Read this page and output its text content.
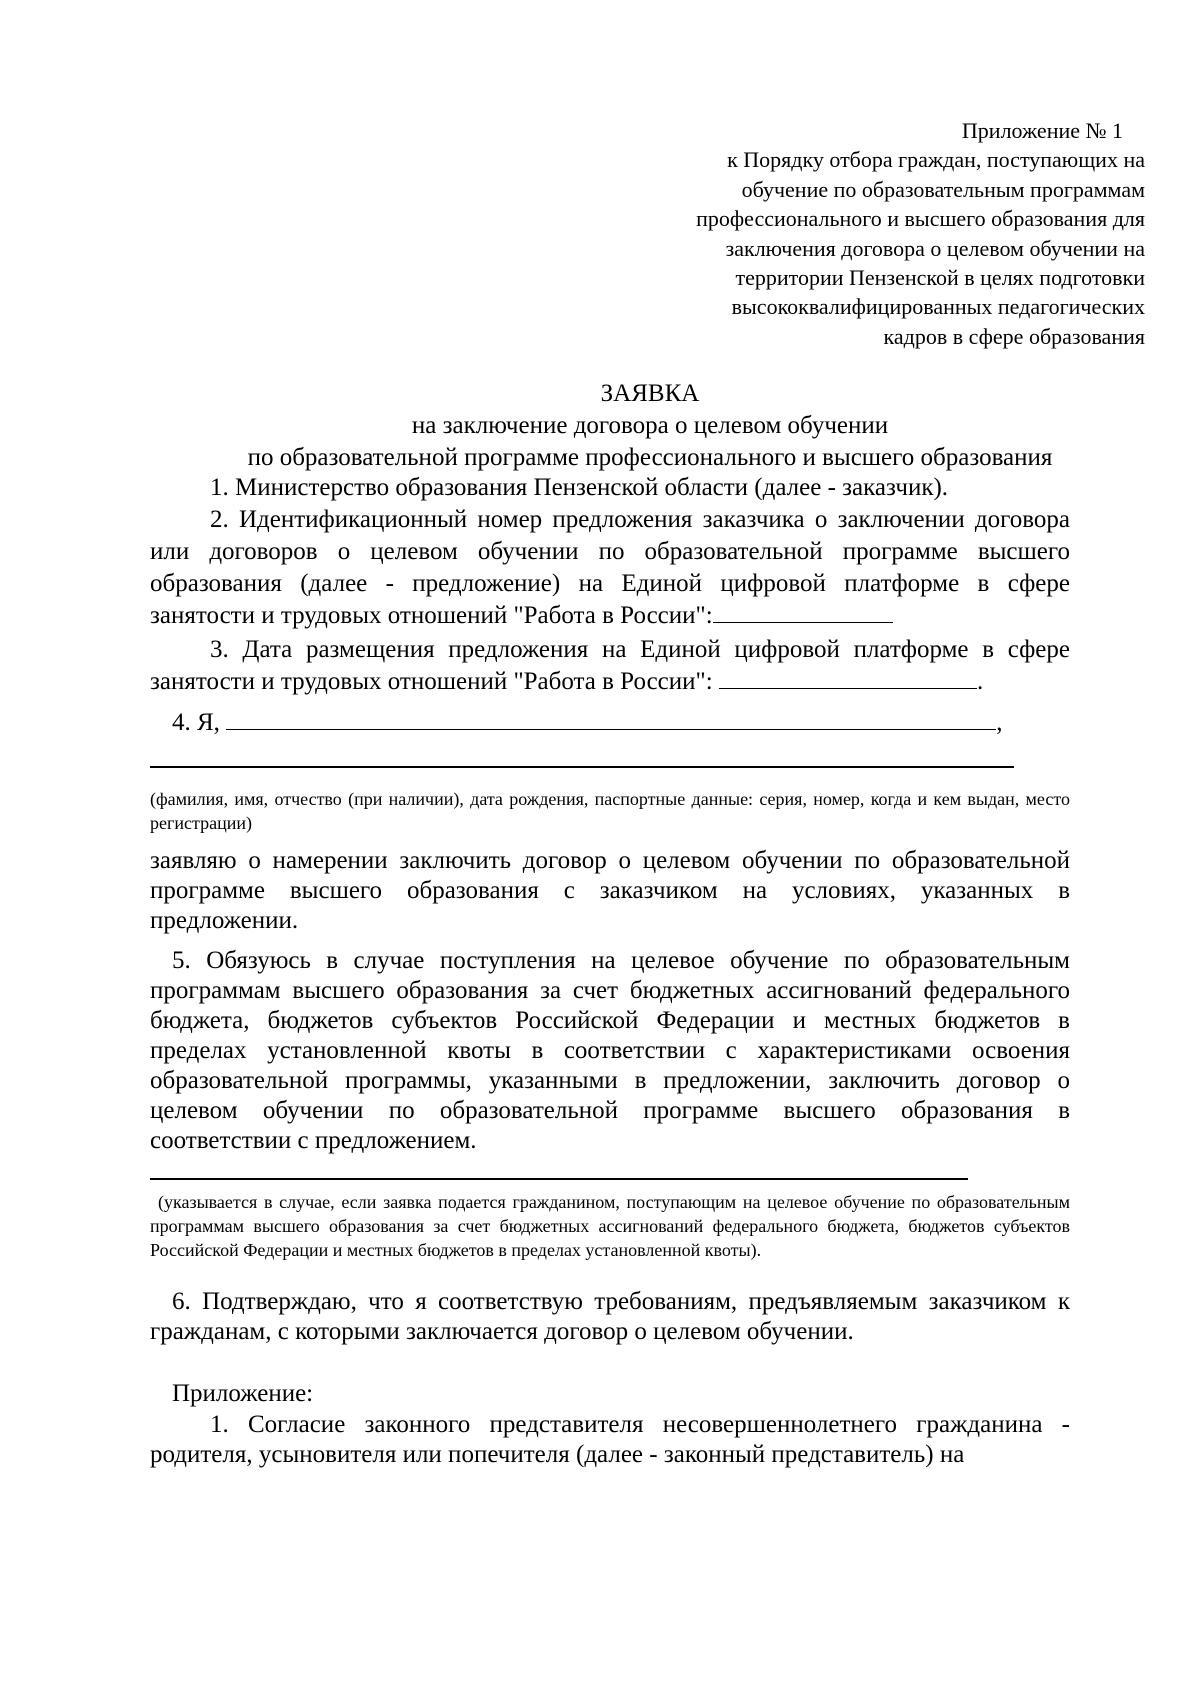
Приложение № 1
к Порядку отбора граждан, поступающих на
обучение по образовательным программам
профессионального и высшего образования для
заключения договора о целевом обучении на
территории Пензенской в целях подготовки
высококвалифицированных педагогических
кадров в сфере образования
ЗАЯВКА
на заключение договора о целевом обучении
по образовательной программе профессионального и высшего образования
1. Министерство образования Пензенской области (далее - заказчик).
2. Идентификационный номер предложения заказчика о заключении договора или договоров о целевом обучении по образовательной программе высшего образования (далее - предложение) на Единой цифровой платформе в сфере занятости и трудовых отношений "Работа в России":
3. Дата размещения предложения на Единой цифровой платформе в сфере занятости и трудовых отношений "Работа в России":	.
4. Я,	,
(фамилия, имя, отчество (при наличии), дата рождения, паспортные данные: серия, номер, когда и кем выдан, место регистрации)
заявляю о намерении заключить договор о целевом обучении по образовательной программе высшего образования с заказчиком на условиях, указанных в предложении.
5. Обязуюсь в случае поступления на целевое обучение по образовательным программам высшего образования за счет бюджетных ассигнований федерального бюджета, бюджетов субъектов Российской Федерации и местных бюджетов в пределах установленной квоты в соответствии с характеристиками освоения образовательной программы, указанными в предложении, заключить договор о целевом обучении по образовательной программе высшего образования в соответствии с предложением.
(указывается в случае, если заявка подается гражданином, поступающим на целевое обучение по образовательным программам высшего образования за счет бюджетных ассигнований федерального бюджета, бюджетов субъектов Российской Федерации и местных бюджетов в пределах установленной квоты).
6. Подтверждаю, что я соответствую требованиям, предъявляемым заказчиком к гражданам, с которыми заключается договор о целевом обучении.
Приложение:
1. Согласие законного представителя несовершеннолетнего гражданина - родителя, усыновителя или попечителя (далее - законный представитель) на
